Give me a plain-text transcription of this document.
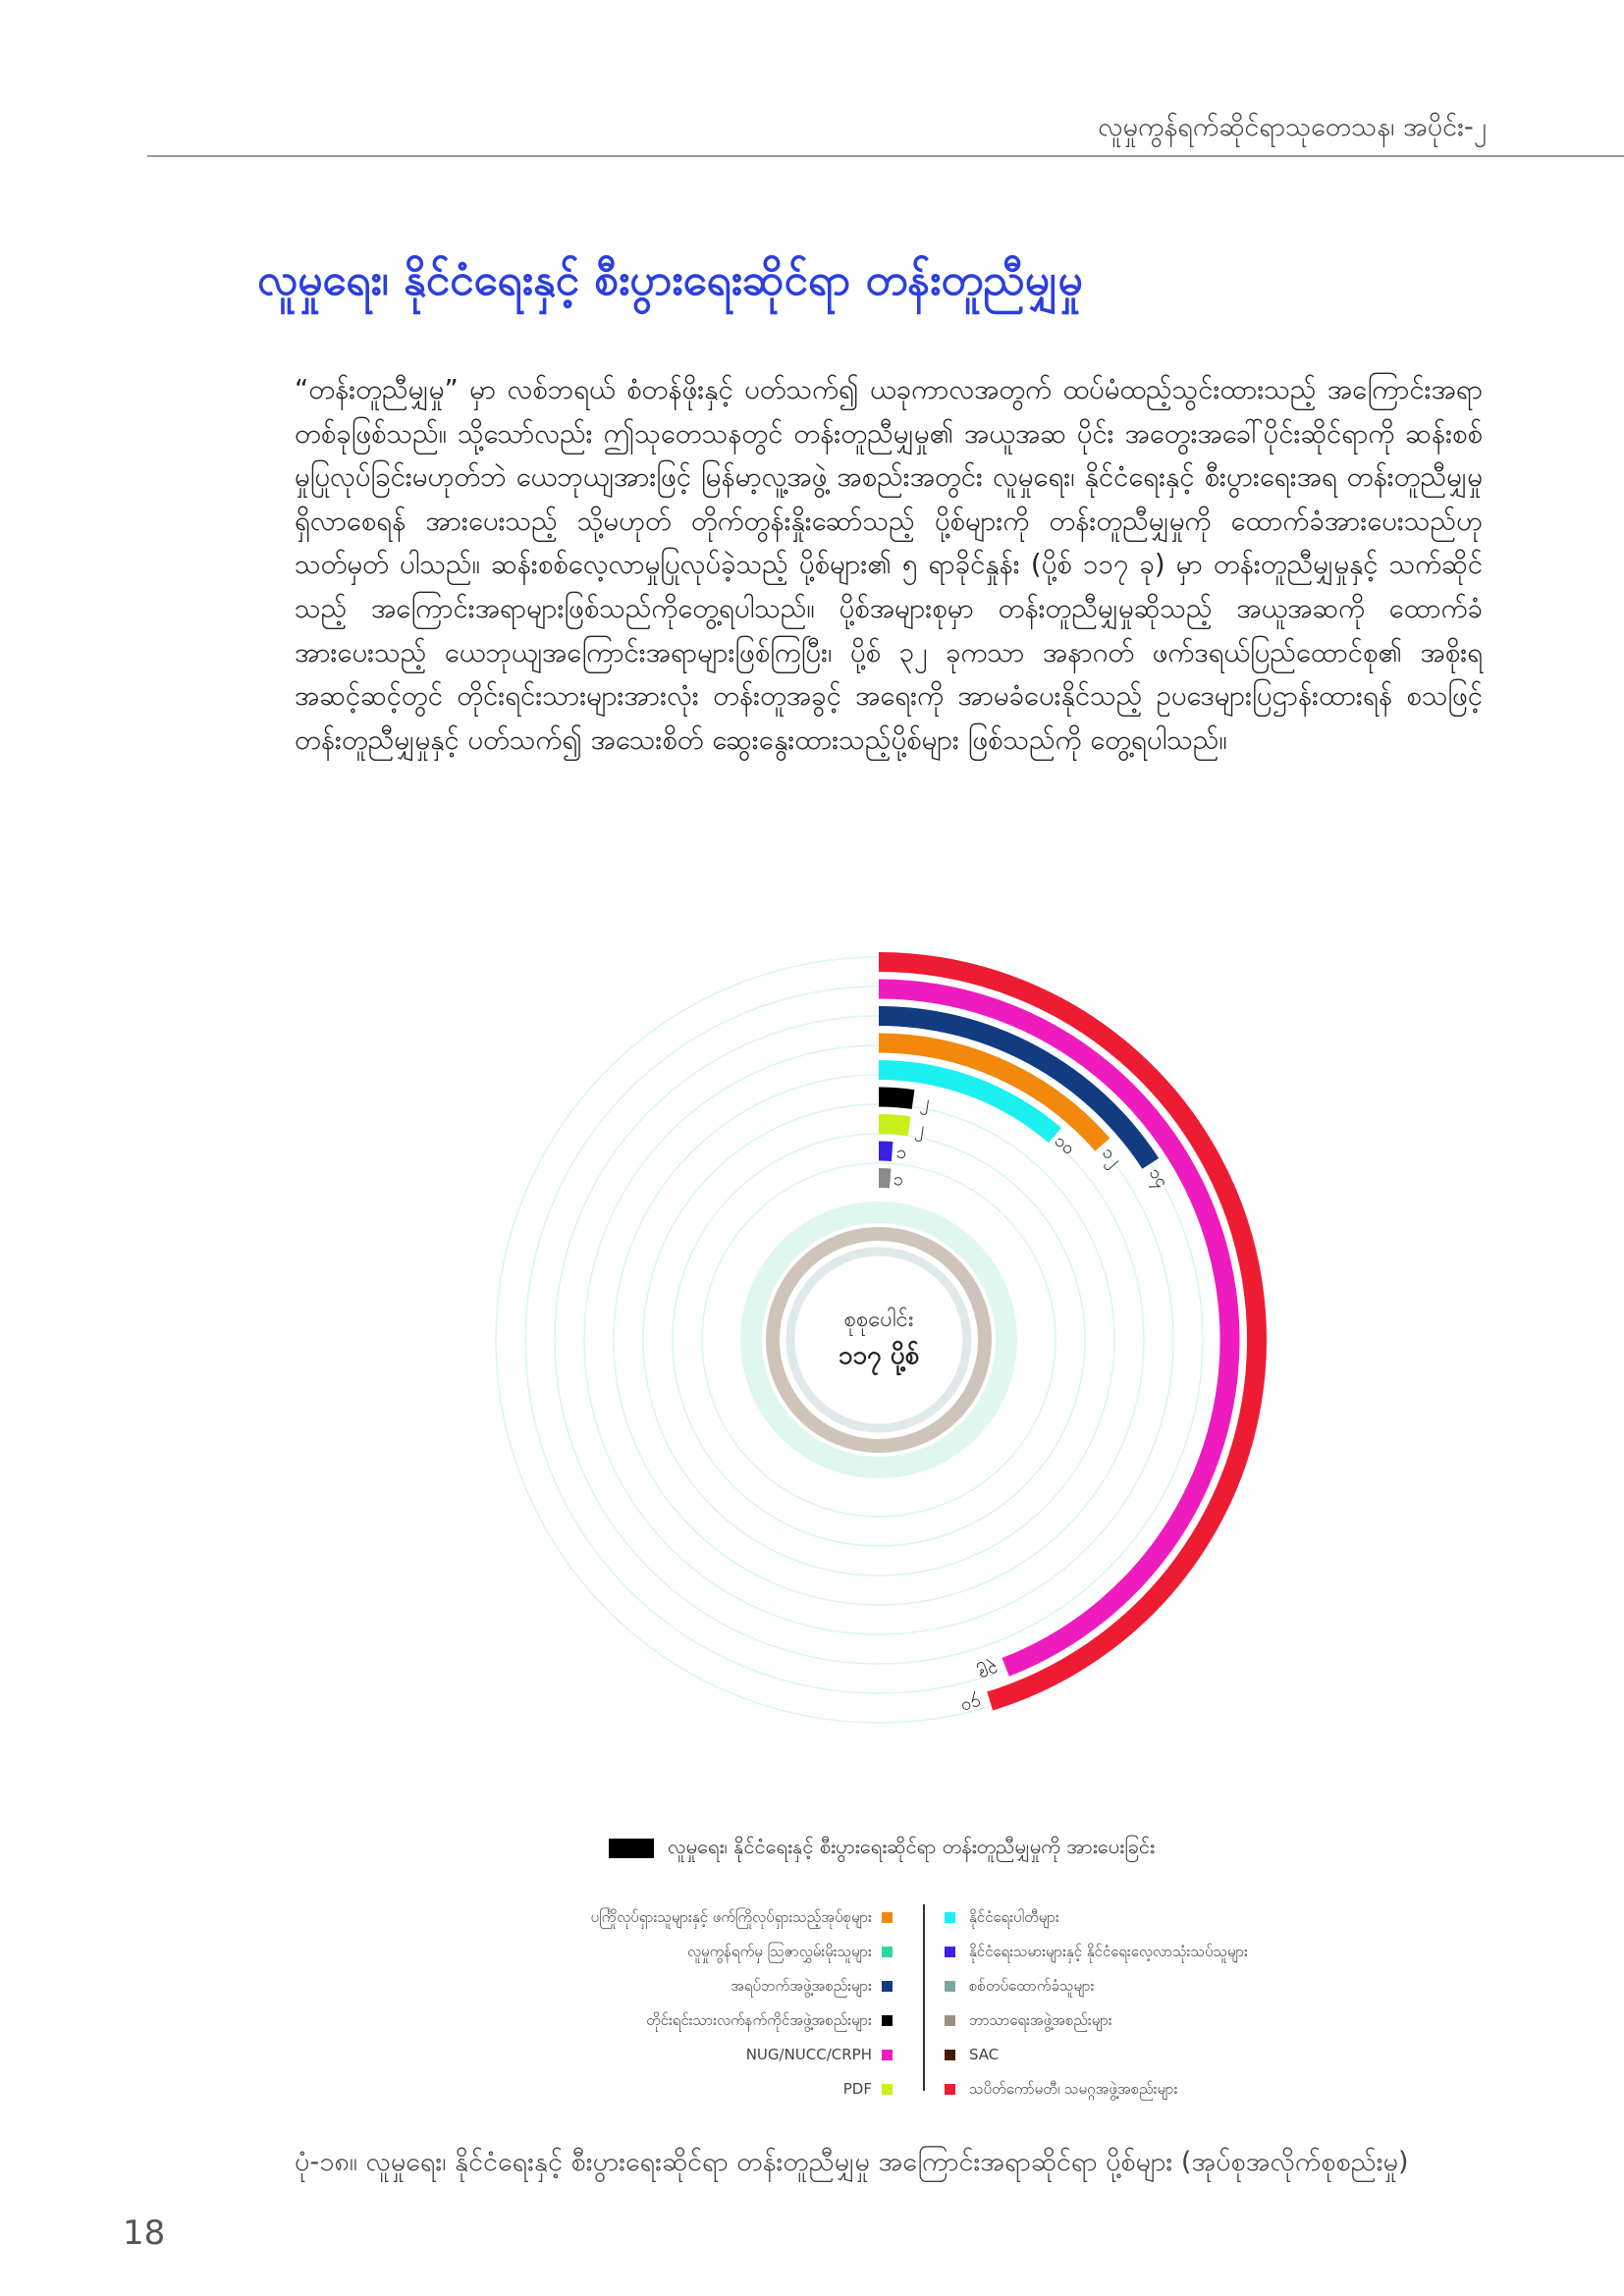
လူမှုကွန်ရက်ဆိုင်ရာသုတေသန၊ အပိုင်း-၂
လူမှုရေး၊ နိုင်ငံရေးနှင့် စီးပွားရေးဆိုင်ရာ တန်းတူညီမျှမှု
“တန်းတူညီမျှမှု” မှာ လစ်ဘရယ် စံတန်ဖိုးနှင့် ပတ်သက်၍ ယခုကာလအတွက် ထပ်မံထည့်သွင်းထားသည့် အကြောင်းအရာတစ်ခုဖြစ်သည်။ သို့သော်လည်း ဤသုတေသနတွင် တန်းတူညီမျှမှု၏ အယူအဆ ပိုင်း အတွေးအခေါ်ပိုင်းဆိုင်ရာကို ဆန်းစစ်မှုပြုလုပ်ခြင်းမဟုတ်ဘဲ ယေဘုယျအားဖြင့် မြန်မာ့လူ့အဖွဲ့ အစည်းအတွင်း လူမှုရေး၊ နိုင်ငံရေးနှင့် စီးပွားရေးအရ တန်းတူညီမျှမှု ရှိလာစေရန် အားပေးသည့် သို့မဟုတ် တိုက်တွန်းနှိုးဆော်သည့် ပို့စ်များကို တန်းတူညီမျှမှုကို ထောက်ခံအားပေးသည်ဟု သတ်မှတ် ပါသည်။ ဆန်းစစ်လေ့လာမှုပြုလုပ်ခဲ့သည့် ပို့စ်များ၏ ၅ ရာခိုင်နှုန်း (ပို့စ် ၁၁၇ ခု) မှာ တန်းတူညီမျှမှုနှင့် သက်ဆိုင်သည့် အကြောင်းအရာများဖြစ်သည်ကိုတွေ့ရပါသည်။ ပို့စ်အများစုမှာ တန်းတူညီမျှမှုဆိုသည့် အယူအဆကို ထောက်ခံအားပေးသည့် ယေဘုယျအကြောင်းအရာများဖြစ်ကြပြီး၊ ပို့စ် ၃၂ ခုကသာ အနာဂတ် ဖက်ဒရယ်ပြည်ထောင်စု၏ အစိုးရအဆင့်ဆင့်တွင် တိုင်းရင်းသားများအားလုံး တန်းတူအခွင့် အရေးကို အာမခံပေးနိုင်သည့် ဥပဒေများပြဌာန်းထားရန် စသဖြင့် တန်းတူညီမျှမှုနှင့် ပတ်သက်၍ အသေးစိတ် ဆွေးနွေးထားသည့်ပို့စ်များ ဖြစ်သည်ကို တွေ့ရပါသည်။
၄၀
၃၉
၁၄
၁၂
၁၀
၂
၂
၁
၁
စုစုပေါင်း
၁၁၇ ပို့စ်
လူမှုရေး၊ နိုင်ငံရေးနှင့် စီးပွားရေးဆိုင်ရာ တန်းတူညီမျှမှုကို အားပေးခြင်း
ပင်္ကြိုလုပ်ရှားသူများနှင့် ဖက်ကြိုလုပ်ရှားသည့်အုပ်စုများ
လူမှုကွန်ရက်မှ ဩဇာလွှမ်းမိုးသူများ
အရပ်ဘက်အဖွဲ့အစည်းများ
တိုင်းရင်းသားလက်နက်ကိုင်အဖွဲ့အစည်းများ
NUG/NUCC/CRPH
PDF
နိုင်ငံရေးပါတီများ
နိုင်ငံရေးသမားများနှင့် နိုင်ငံရေးလေ့လာသုံးသပ်သူများ
စစ်တပ်ထောက်ခံသူများ
ဘာသာရေးအဖွဲ့အစည်းများ
SAC
သပိတ်ကော်မတီ၊ သမဂ္ဂအဖွဲ့အစည်းများ
ပုံ-၁၈။ လူမှုရေး၊ နိုင်ငံရေးနှင့် စီးပွားရေးဆိုင်ရာ တန်းတူညီမျှမှု အကြောင်းအရာဆိုင်ရာ ပို့စ်များ (အုပ်စုအလိုက်စုစည်းမှု)
18
